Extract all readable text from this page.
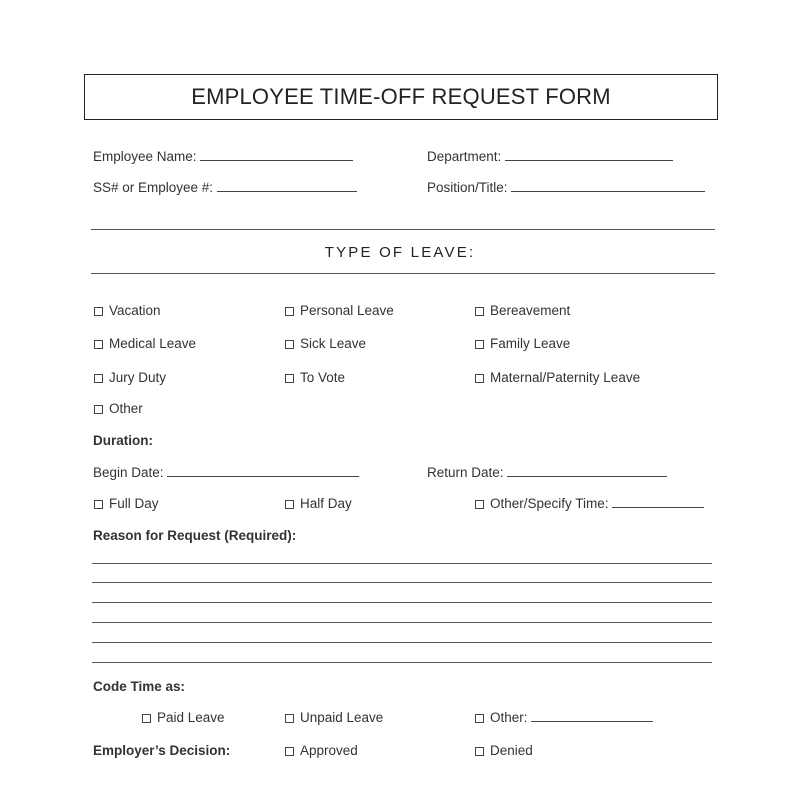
EMPLOYEE TIME-OFF REQUEST FORM
Employee Name:	Department:
SS# or Employee #:	Position/Title:
TYPE OF LEAVE:
Vacation	Personal Leave	Bereavement
Medical Leave	Sick Leave	Family Leave
Jury Duty	To Vote	Maternal/Paternity Leave
Other
Duration:
Begin Date:	Return Date:
Full Day	Half Day	Other/Specify Time:
Reason for Request (Required):
Code Time as:
Paid Leave	Unpaid Leave	Other:
Employer’s Decision:	Approved	Denied
